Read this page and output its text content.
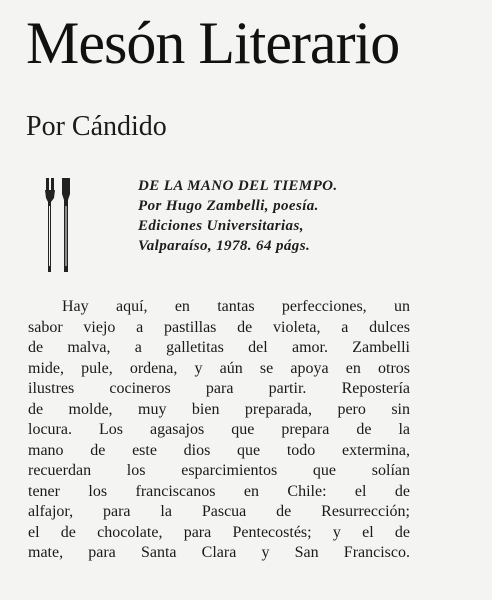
Mesón Literario
Por Cándido
DE LA MANO DEL TIEMPO.
Por Hugo Zambelli, poesía.
Ediciones Universitarias,
Valparaíso, 1978. 64 págs.
Hay aquí, en tantas perfecciones, un
sabor viejo a pastillas de violeta, a dulces
de malva, a galletitas del amor. Zambelli
mide, pule, ordena, y aún se apoya en otros
ilustres cocineros para partir. Repostería
de molde, muy bien preparada, pero sin
locura. Los agasajos que prepara de la
mano de este dios que todo extermina,
recuerdan los esparcimientos que solían
tener los franciscanos en Chile: el de
alfajor, para la Pascua de Resurrección;
el de chocolate, para Pentecostés; y el de
mate, para Santa Clara y San Francisco.
